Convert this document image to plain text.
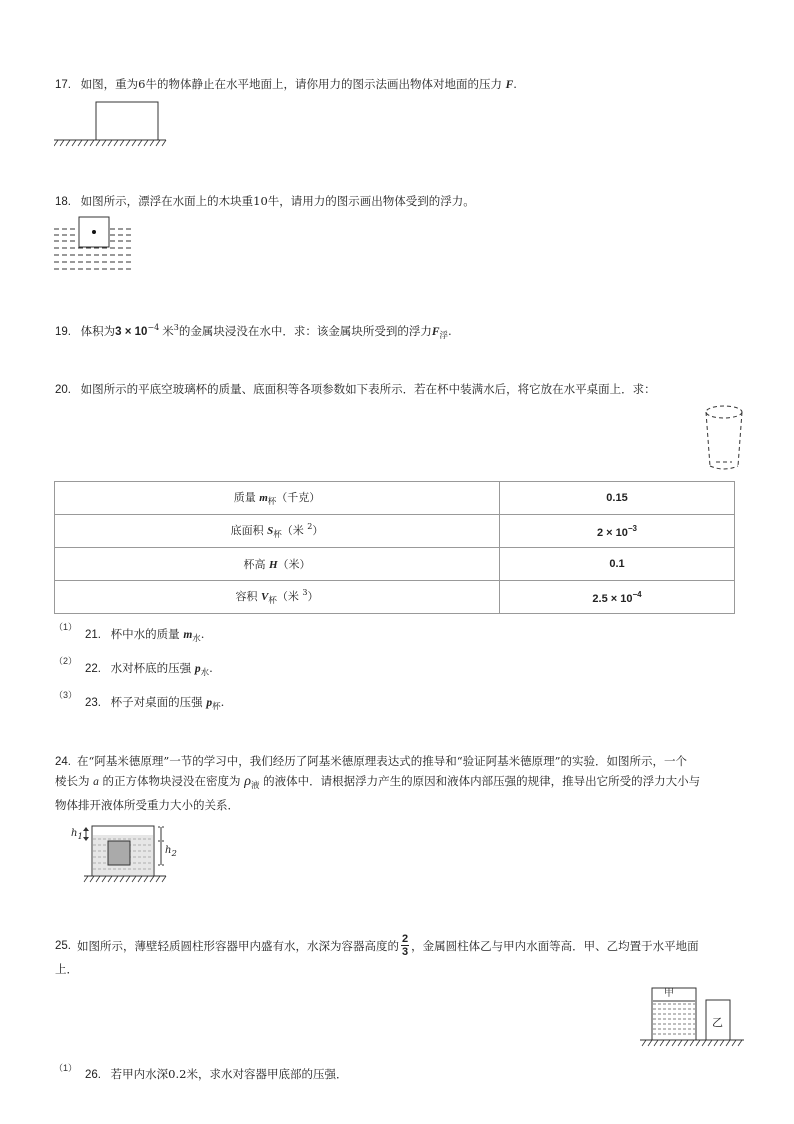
17. 如图，重为6牛的物体静止在水平地面上，请你用力的图示法画出物体对地面的压力 F.
18. 如图所示，漂浮在水面上的木块重10牛，请用力的图示画出物体受到的浮力。
19. 体积为$3 \times 10^{-4}$ 米$^3$的金属块浸没在水中．求：该金属块所受到的浮力$F_浮$.
20. 如图所示的平底空玻璃杯的质量、底面积等各项参数如下表所示．若在杯中装满水后，将它放在水平桌面上．求：
质量 $m_杯$（千克）	0.15
底面积 $S_杯$（米 $^2$）	$2 \times 10^{-3}$
杯高 H（米）	0.1
容积 $V_杯$（米 $^3$）	$2.5 \times 10^{-4}$
（1）
21. 杯中水的质量 $m_水$.
（2）
22. 水对杯底的压强 $p_水$.
（3）
23. 杯子对桌面的压强 $p_杯$.
24. 在“阿基米德原理”一节的学习中，我们经历了阿基米德原理表达式的推导和“验证阿基米德原理”的实验．如图所示，一个
棱长为 a 的正方体物块浸没在密度为 $\rho_液$ 的液体中．请根据浮力产生的原因和液体内部压强的规律，推导出它所受的浮力大小与
物体排开液体所受重力大小的关系．
$h_1$
$h_2$
25. 如图所示，薄壁轻质圆柱形容器甲内盛有水，水深为容器高度的 2
3 ，金属圆柱体乙与甲内水面等高．甲、乙均置于水平地面
上．
甲
乙
（1）
26. 若甲内水深0.2米，求水对容器甲底部的压强．
